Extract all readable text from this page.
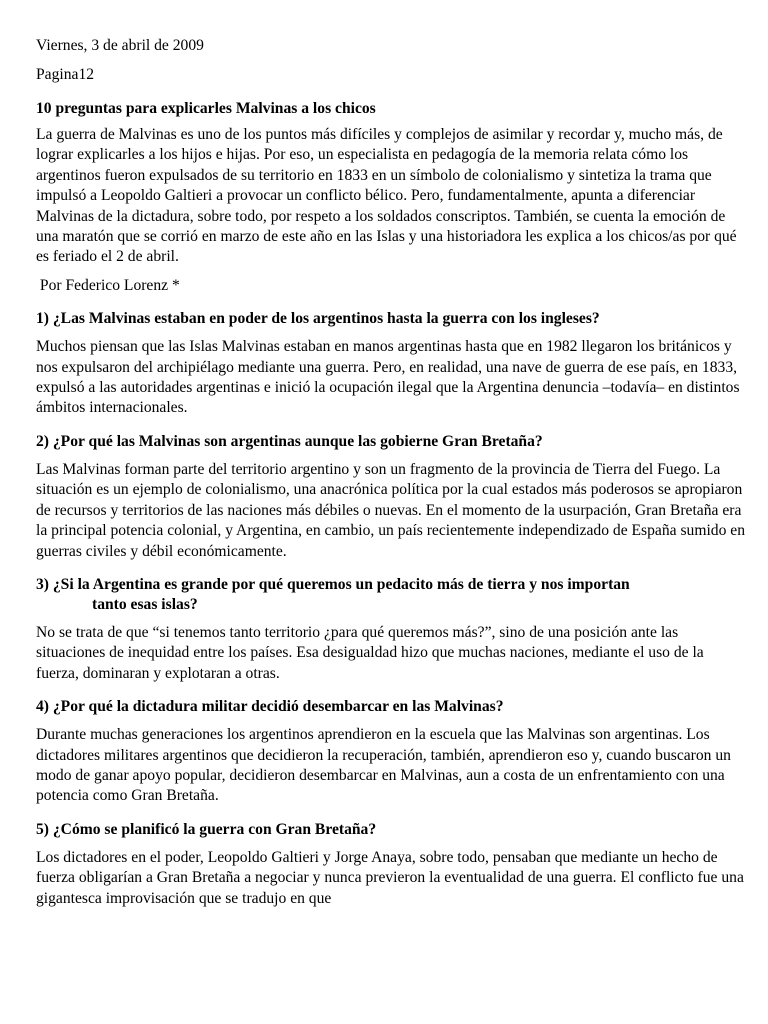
Viernes, 3 de abril de 2009

Pagina12

10 preguntas para explicarles Malvinas a los chicos

La guerra de Malvinas es uno de los puntos más difíciles y complejos de asimilar y recordar y, mucho más, de lograr explicarles a los hijos e hijas. Por eso, un especialista en pedagogía de la memoria relata cómo los argentinos fueron expulsados de su territorio en 1833 en un símbolo de colonialismo y sintetiza la trama que impulsó a Leopoldo Galtieri a provocar un conflicto bélico. Pero, fundamentalmente, apunta a diferenciar Malvinas de la dictadura, sobre todo, por respeto a los soldados conscriptos. También, se cuenta la emoción de una maratón que se corrió en marzo de este año en las Islas y una historiadora les explica a los chicos/as por qué es feriado el 2 de abril.

Por Federico Lorenz *

1) ¿Las Malvinas estaban en poder de los argentinos hasta la guerra con los ingleses?

Muchos piensan que las Islas Malvinas estaban en manos argentinas hasta que en 1982 llegaron los británicos y nos expulsaron del archipiélago mediante una guerra. Pero, en realidad, una nave de guerra de ese país, en 1833, expulsó a las autoridades argentinas e inició la ocupación ilegal que la Argentina denuncia –todavía– en distintos ámbitos internacionales.

2) ¿Por qué las Malvinas son argentinas aunque las gobierne Gran Bretaña?

Las Malvinas forman parte del territorio argentino y son un fragmento de la provincia de Tierra del Fuego. La situación es un ejemplo de colonialismo, una anacrónica política por la cual estados más poderosos se apropiaron de recursos y territorios de las naciones más débiles o nuevas. En el momento de la usurpación, Gran Bretaña era la principal potencia colonial, y Argentina, en cambio, un país recientemente independizado de España sumido en guerras civiles y débil económicamente.

3) ¿Si la Argentina es grande por qué queremos un pedacito más de tierra y nos importan
tanto esas islas?

No se trata de que “si tenemos tanto territorio ¿para qué queremos más?”, sino de una posición ante las situaciones de inequidad entre los países. Esa desigualdad hizo que muchas naciones, mediante el uso de la fuerza, dominaran y explotaran a otras.

4) ¿Por qué la dictadura militar decidió desembarcar en las Malvinas?

Durante muchas generaciones los argentinos aprendieron en la escuela que las Malvinas son argentinas. Los dictadores militares argentinos que decidieron la recuperación, también, aprendieron eso y, cuando buscaron un modo de ganar apoyo popular, decidieron desembarcar en Malvinas, aun a costa de un enfrentamiento con una potencia como Gran Bretaña.

5) ¿Cómo se planificó la guerra con Gran Bretaña?

Los dictadores en el poder, Leopoldo Galtieri y Jorge Anaya, sobre todo, pensaban que mediante un hecho de fuerza obligarían a Gran Bretaña a negociar y nunca previeron la eventualidad de una guerra. El conflicto fue una gigantesca improvisación que se tradujo en que
